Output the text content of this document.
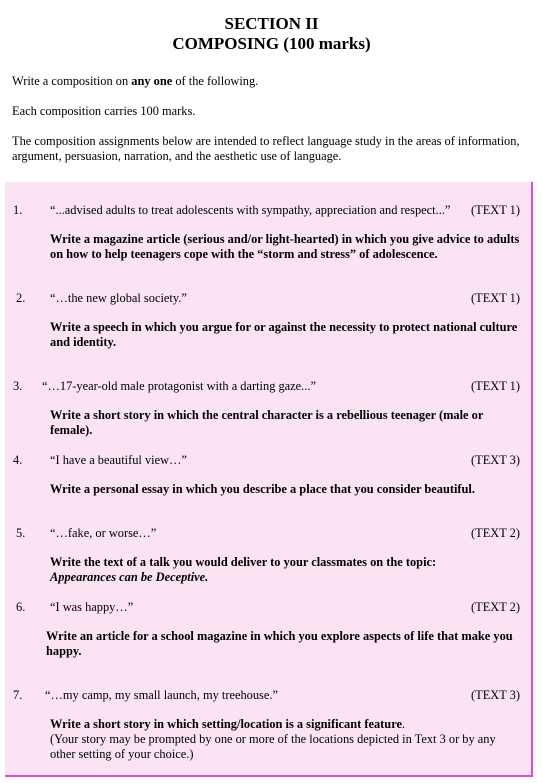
SECTION II
COMPOSING (100 marks)
Write a composition on any one of the following.
Each composition carries 100 marks.
The composition assignments below are intended to reflect language study in the areas of information, argument, persuasion, narration, and the aesthetic use of language.
1. “...advised adults to treat adolescents with sympathy, appreciation and respect...” (TEXT 1)
Write a magazine article (serious and/or light-hearted) in which you give advice to adults on how to help teenagers cope with the “storm and stress” of adolescence.
2. “…the new global society.”	(TEXT 1)
Write a speech in which you argue for or against the necessity to protect national culture and identity.
3. “…17-year-old male protagonist with a darting gaze...”	(TEXT 1)
Write a short story in which the central character is a rebellious teenager (male or female).
4. “I have a beautiful view…”	(TEXT 3)
Write a personal essay in which you describe a place that you consider beautiful.
5. “…fake, or worse…”	(TEXT 2)
Write the text of a talk you would deliver to your classmates on the topic:
Appearances can be Deceptive.
6. “I was happy…”	(TEXT 2)
Write an article for a school magazine in which you explore aspects of life that make you happy.
7. “…my camp, my small launch, my treehouse.”	(TEXT 3)
Write a short story in which setting/location is a significant feature.
(Your story may be prompted by one or more of the locations depicted in Text 3 or by any other setting of your choice.)
